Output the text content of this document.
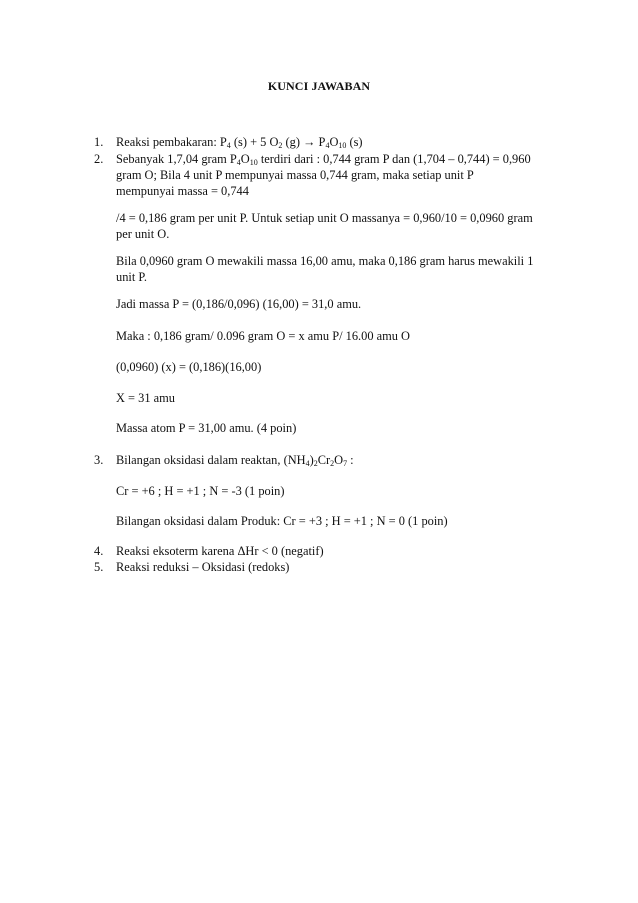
KUNCI JAWABAN
1. Reaksi pembakaran: $P_4$ (s) + 5 $O_2$ $(g) \to P_4O_{10}$ (s)
2. Sebanyak 1,7,04 gram $P_4O_{10}$ terdiri dari : 0,744 gram P dan (1,704 – 0,744) = 0,960
gram O; Bila 4 unit P mempunyai massa 0,744 gram, maka setiap unit P
mempunyai massa = 0,744
/4 = 0,186 gram per unit P. Untuk setiap unit O massanya = 0,960/10 = 0,0960 gram
per unit O.
Bila 0,0960 gram O mewakili massa 16,00 amu, maka 0,186 gram harus mewakili 1
unit P.
Jadi massa P = (0,186/0,096) (16,00) = 31,0 amu.
Maka : 0,186 gram/ 0.096 gram O = x amu P/ 16.00 amu O
(0,0960) (x) = (0,186)(16,00)
X = 31 amu
Massa atom P = 31,00 amu. (4 poin)
3. Bilangan oksidasi dalam reaktan, $(NH_4)_2Cr_2O_7$ :
Cr = +6 ; H = +1 ; N = -3 (1 poin)
Bilangan oksidasi dalam Produk: Cr = +3 ; H = +1 ; N = 0 (1 poin)
4. Reaksi eksoterm karena ΔHr < 0 (negatif)
5. Reaksi reduksi – Oksidasi (redoks)
